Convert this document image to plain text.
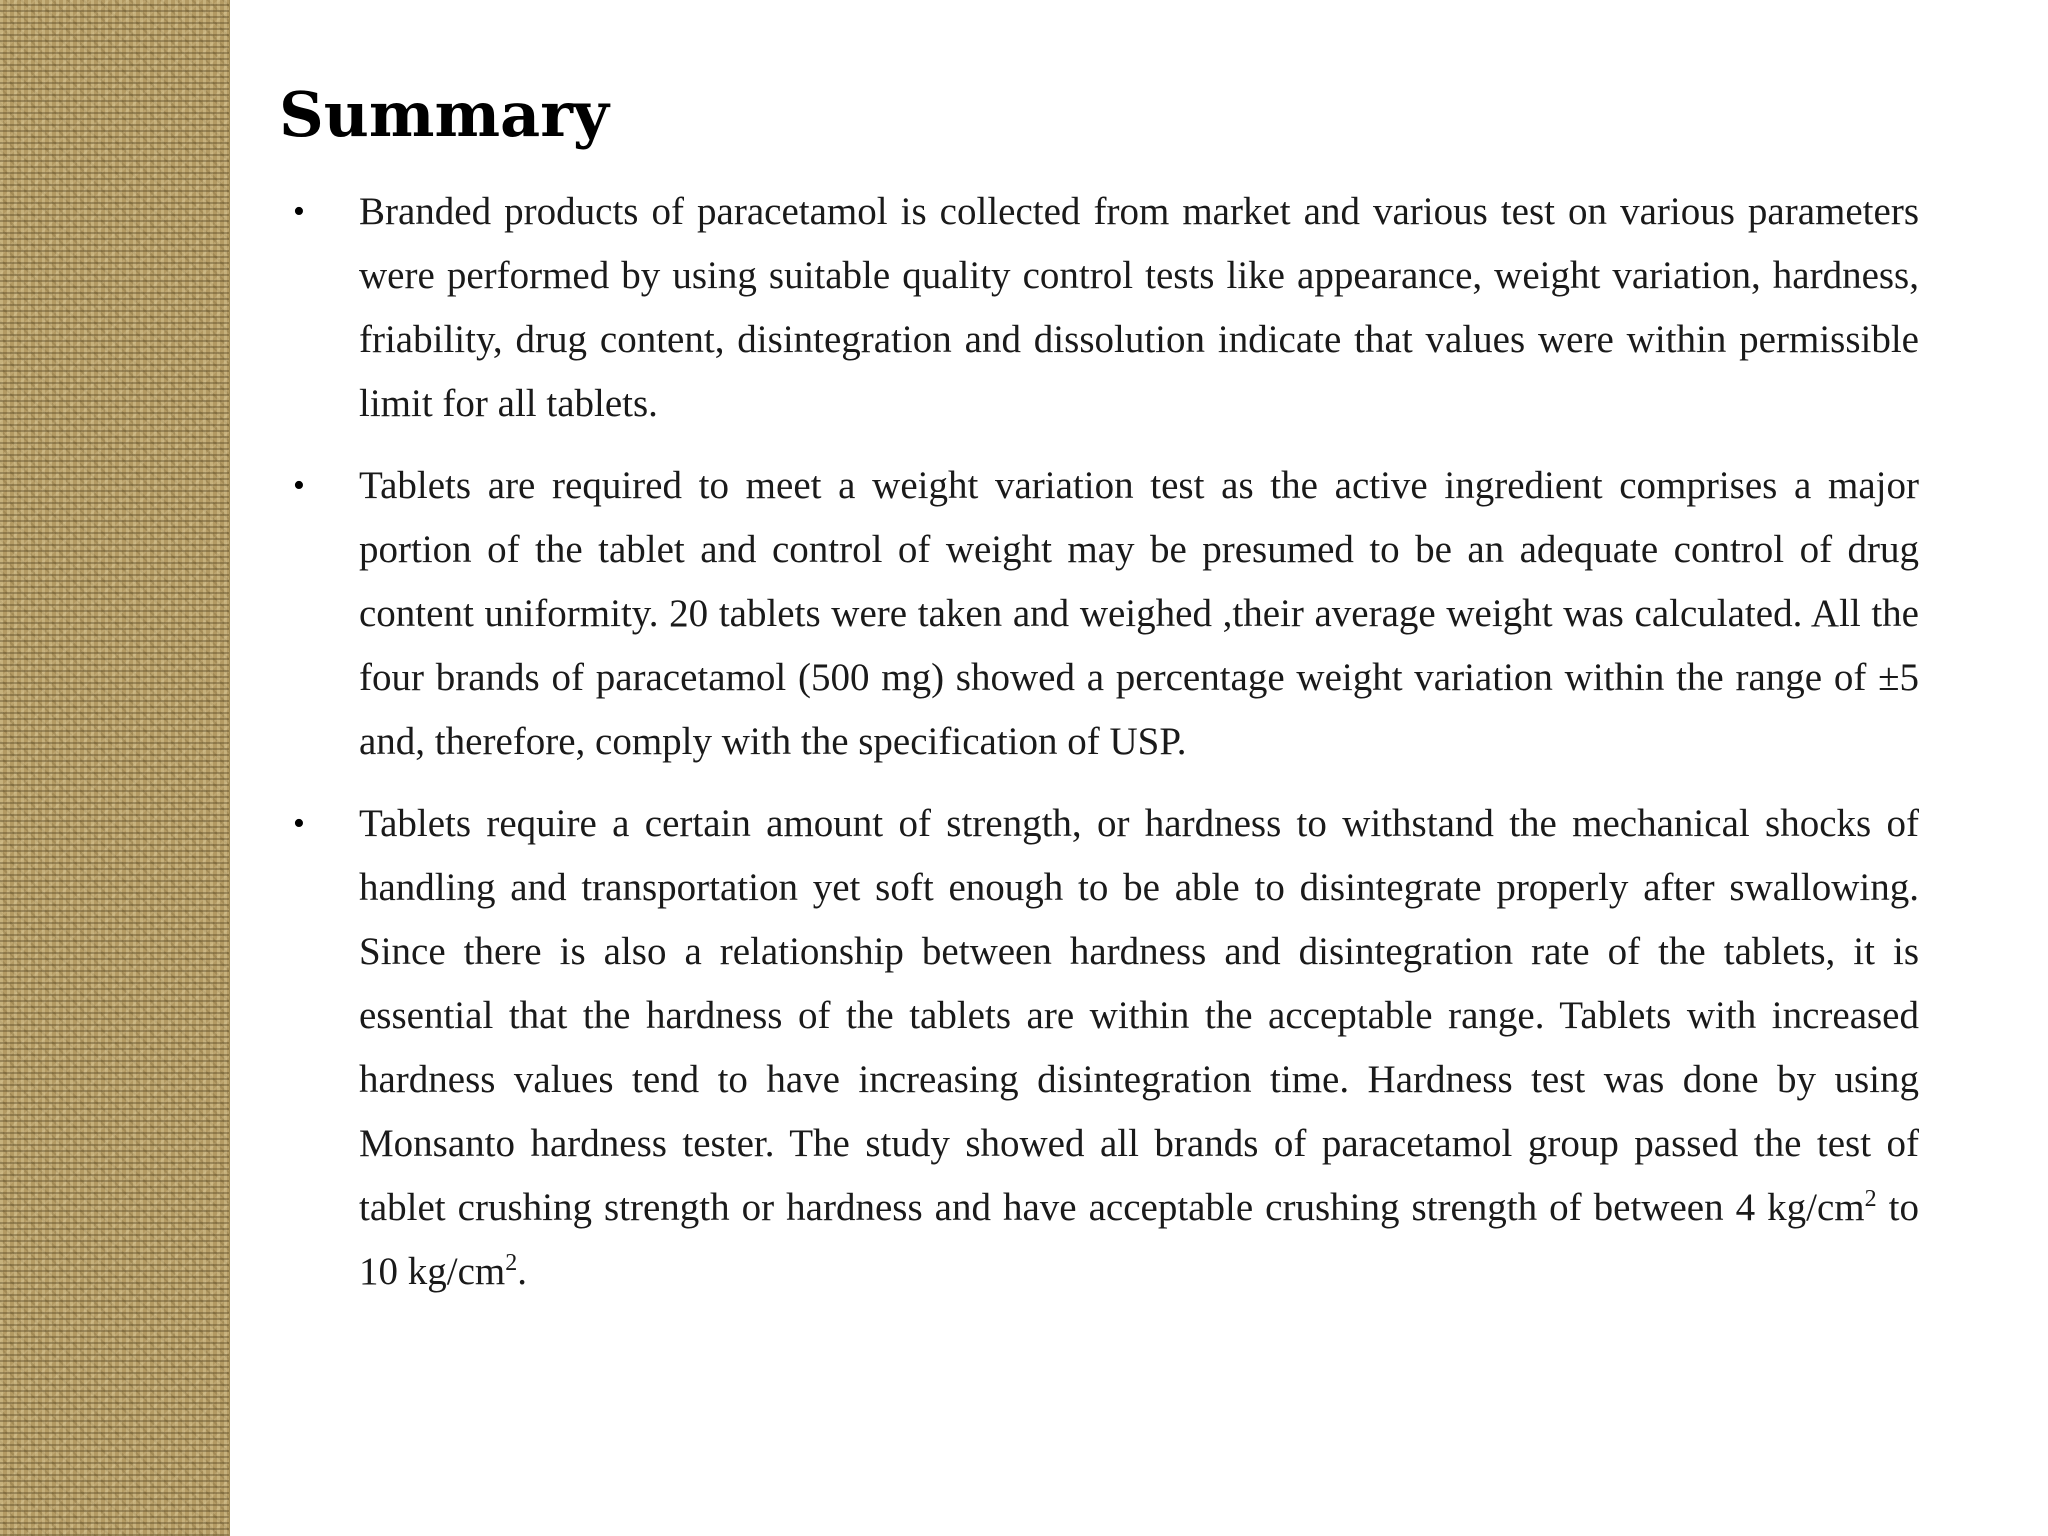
Summary
• Branded products of paracetamol is collected from market and various test on various parameters were performed by using suitable quality control tests like appearance, weight variation, hardness, friability, drug content, disintegration and dissolution indicate that values were within permissible limit for all tablets.
• Tablets are required to meet a weight variation test as the active ingredient comprises a major portion of the tablet and control of weight may be presumed to be an adequate control of drug content uniformity. 20 tablets were taken and weighed ,their average weight was calculated. All the four brands of paracetamol (500 mg) showed a percentage weight variation within the range of ±5 and, therefore, comply with the specification of USP.
• Tablets require a certain amount of strength, or hardness to withstand the mechanical shocks of handling and transportation yet soft enough to be able to disintegrate properly after swallowing. Since there is also a relationship between hardness and disintegration rate of the tablets, it is essential that the hardness of the tablets are within the acceptable range. Tablets with increased hardness values tend to have increasing disintegration time. Hardness test was done by using Monsanto hardness tester. The study showed all brands of paracetamol group passed the test of tablet crushing strength or hardness and have acceptable crushing strength of between 4 $kg/cm^2$ to 10 $kg/cm^2$.
